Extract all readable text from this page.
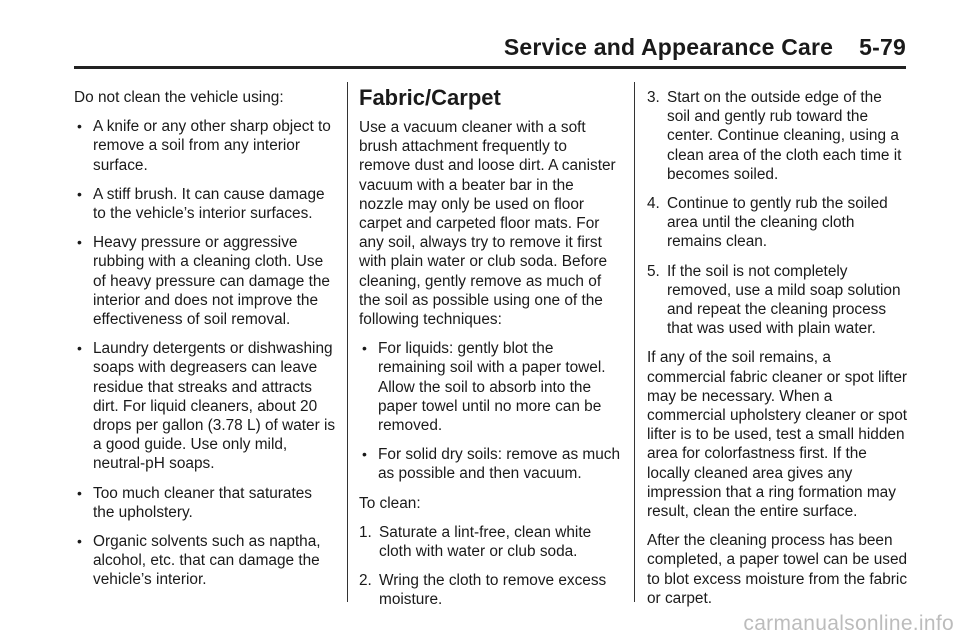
Service and Appearance Care 5-79

Do not clean the vehicle using:

• A knife or any other sharp object to remove a soil from any interior surface.
• A stiff brush. It can cause damage to the vehicle’s interior surfaces.
• Heavy pressure or aggressive rubbing with a cleaning cloth. Use of heavy pressure can damage the interior and does not improve the effectiveness of soil removal.
• Laundry detergents or dishwashing soaps with degreasers can leave residue that streaks and attracts dirt. For liquid cleaners, about 20 drops per gallon (3.78 L) of water is a good guide. Use only mild, neutral-pH soaps.
• Too much cleaner that saturates the upholstery.
• Organic solvents such as naptha, alcohol, etc. that can damage the vehicle’s interior.
Fabric/Carpet

Use a vacuum cleaner with a soft brush attachment frequently to remove dust and loose dirt. A canister vacuum with a beater bar in the nozzle may only be used on floor carpet and carpeted floor mats. For any soil, always try to remove it first with plain water or club soda. Before cleaning, gently remove as much of the soil as possible using one of the following techniques:

• For liquids: gently blot the remaining soil with a paper towel. Allow the soil to absorb into the paper towel until no more can be removed.
• For solid dry soils: remove as much as possible and then vacuum.

To clean:

1. Saturate a lint-free, clean white cloth with water or club soda.
2. Wring the cloth to remove excess moisture.
3. Start on the outside edge of the soil and gently rub toward the center. Continue cleaning, using a clean area of the cloth each time it becomes soiled.
4. Continue to gently rub the soiled area until the cleaning cloth remains clean.
5. If the soil is not completely removed, use a mild soap solution and repeat the cleaning process that was used with plain water.

If any of the soil remains, a commercial fabric cleaner or spot lifter may be necessary. When a commercial upholstery cleaner or spot lifter is to be used, test a small hidden area for colorfastness first. If the locally cleaned area gives any impression that a ring formation may result, clean the entire surface.

After the cleaning process has been completed, a paper towel can be used to blot excess moisture from the fabric or carpet.

carmanualsonline.info
